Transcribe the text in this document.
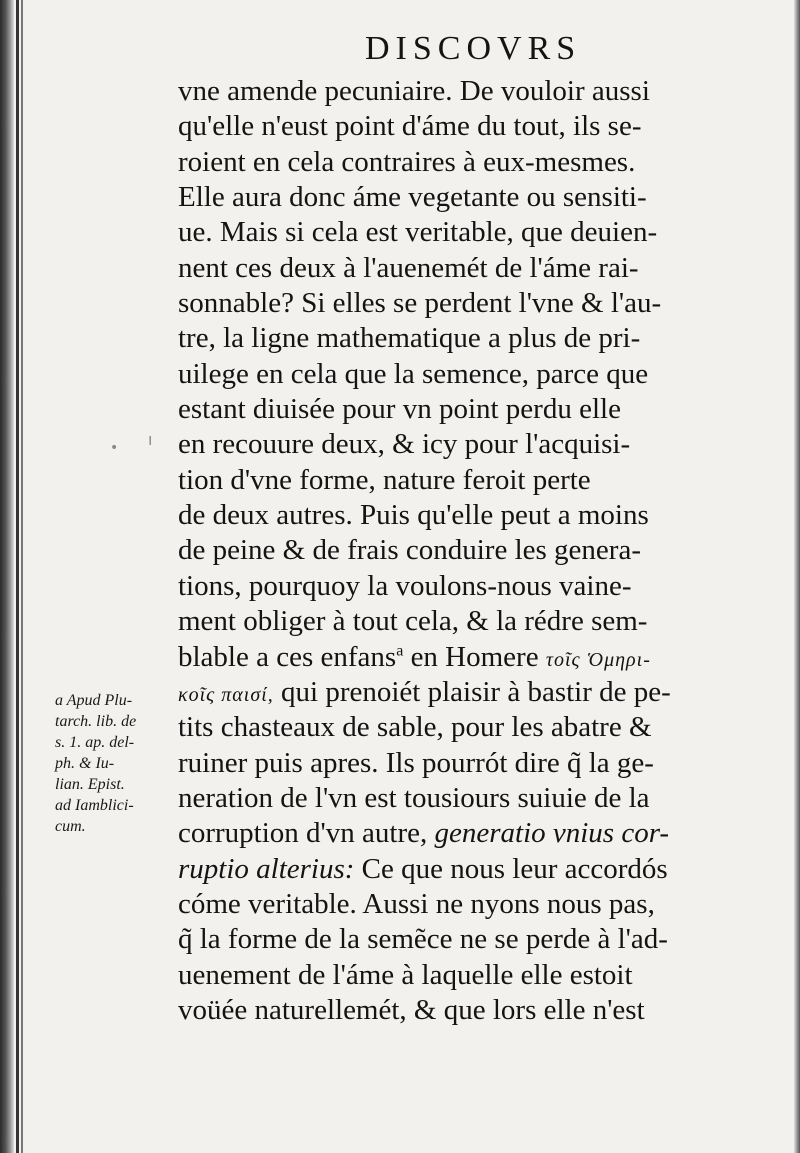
DISCOVRS
vne amende pecuniaire. De vouloir aussi
qu'elle n'eust point d'áme du tout, ils se-
roient en cela contraires à eux-mesmes.
Elle aura donc áme vegetante ou sensiti-
ue. Mais si cela est veritable, que deuien-
nent ces deux à l'auenemét de l'áme rai-
sonnable? Si elles se perdent l'vne & l'au-
tre, la ligne mathematique a plus de pri-
uilege en cela que la semence, parce que
estant diuisée pour vn point perdu elle
en recouure deux, & icy pour l'acquisi-
tion d'vne forme, nature feroit perte
de deux autres. Puis qu'elle peut a moins
de peine & de frais conduire les genera-
tions, pourquoy la voulons-nous vaine-
ment obliger à tout cela, & la rédre sem-
blable a ces enfans$^a$ en Homere τοῖς Ὁμηρι-
κοῖς παισί, qui prenoiét plaisir à bastir de pe-
tits chasteaux de sable, pour les abatre &
ruiner puis apres. Ils pourrót dire q̃ la ge-
neration de l'vn est tousiours suiuie de la
corruption d'vn autre, generatio vnius cor-
ruptio alterius: Ce que nous leur accordós
cóme veritable. Aussi ne nyons nous pas,
q̃ la forme de la semẽce ne se perde à l'ad-
uenement de l'áme à laquelle elle estoit
voüée naturellemét, & que lors elle n'est
a Apud Plu-
tarch. lib. de
s. 1. ap. del-
ph. & Iu-
lian. Epist.
ad Iamblici-
cum.
• ı
